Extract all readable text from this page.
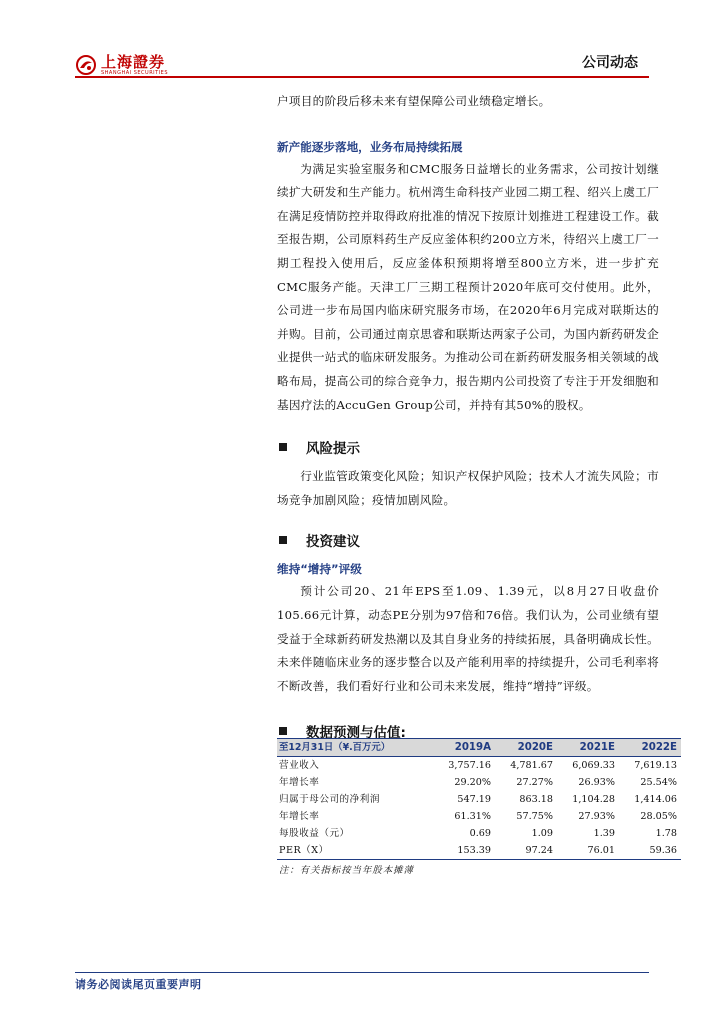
上海證券
SHANGHAI SECURITIES
公司动态

户项目的阶段后移未来有望保障公司业绩稳定增长。

新产能逐步落地，业务布局持续拓展

为满足实验室服务和CMC服务日益增长的业务需求，公司按计划继续扩大研发和生产能力。杭州湾生命科技产业园二期工程、绍兴上虞工厂在满足疫情防控并取得政府批准的情况下按原计划推进工程建设工作。截至报告期，公司原料药生产反应釜体积约200立方米，待绍兴上虞工厂一期工程投入使用后，反应釜体积预期将增至800立方米，进一步扩充CMC服务产能。天津工厂三期工程预计2020年底可交付使用。此外，公司进一步布局国内临床研究服务市场，在2020年6月完成对联斯达的并购。目前，公司通过南京思睿和联斯达两家子公司，为国内新药研发企业提供一站式的临床研发服务。为推动公司在新药研发服务相关领域的战略布局，提高公司的综合竞争力，报告期内公司投资了专注于开发细胞和基因疗法的AccuGen Group公司，并持有其50%的股权。

风险提示

行业监管政策变化风险；知识产权保护风险；技术人才流失风险；市场竞争加剧风险；疫情加剧风险。

投资建议

维持“增持”评级

预计公司20、21年EPS至1.09、1.39元，以8月27日收盘价105.66元计算，动态PE分别为97倍和76倍。我们认为，公司业绩有望受益于全球新药研发热潮以及其自身业务的持续拓展，具备明确成长性。未来伴随临床业务的逐步整合以及产能利用率的持续提升，公司毛利率将不断改善，我们看好行业和公司未来发展，维持“增持”评级。

数据预测与估值:
至12月31日（¥.百万元）	2019A	2020E	2021E	2022E
营业收入	3,757.16	4,781.67	6,069.33	7,619.13
年增长率	29.20%	27.27%	26.93%	25.54%
归属于母公司的净利润	547.19	863.18	1,104.28	1,414.06
年增长率	61.31%	57.75%	27.93%	28.05%
每股收益（元）	0.69	1.09	1.39	1.78
PER（X）	153.39	97.24	76.01	59.36
注：有关指标按当年股本摊薄
请务必阅读尾页重要声明
